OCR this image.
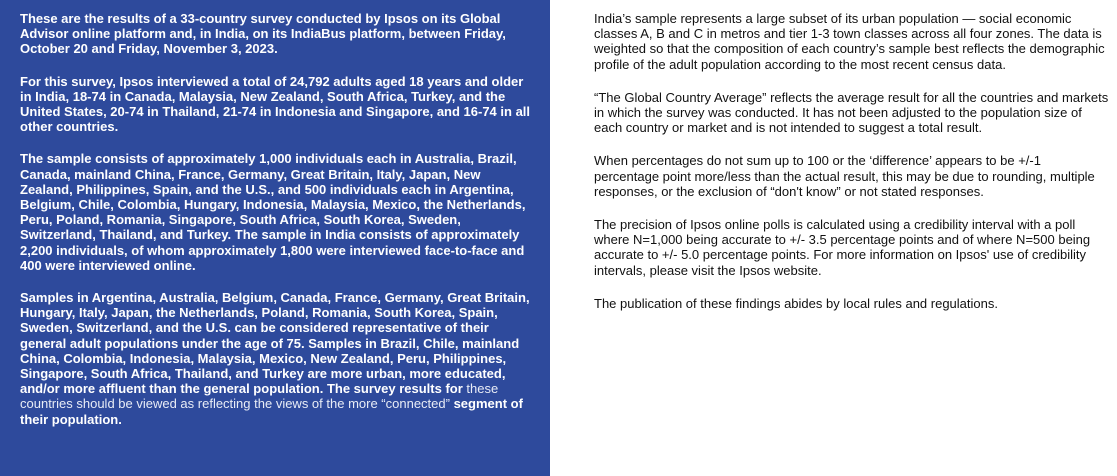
These are the results of a 33-country survey conducted by Ipsos on its Global Advisor online platform and, in India, on its IndiaBus platform, between Friday, October 20 and Friday, November 3, 2023.

For this survey, Ipsos interviewed a total of 24,792 adults aged 18 years and older in India, 18-74 in Canada, Malaysia, New Zealand, South Africa, Turkey, and the United States, 20-74 in Thailand, 21-74 in Indonesia and Singapore, and 16-74 in all other countries.

The sample consists of approximately 1,000 individuals each in Australia, Brazil, Canada, mainland China, France, Germany, Great Britain, Italy, Japan, New Zealand, Philippines, Spain, and the U.S., and 500 individuals each in Argentina, Belgium, Chile, Colombia, Hungary, Indonesia, Malaysia, Mexico, the Netherlands, Peru, Poland, Romania, Singapore, South Africa, South Korea, Sweden, Switzerland, Thailand, and Turkey. The sample in India consists of approximately 2,200 individuals, of whom approximately 1,800 were interviewed face-to-face and 400 were interviewed online.

Samples in Argentina, Australia, Belgium, Canada, France, Germany, Great Britain, Hungary, Italy, Japan, the Netherlands, Poland, Romania, South Korea, Spain, Sweden, Switzerland, and the U.S. can be considered representative of their general adult populations under the age of 75. Samples in Brazil, Chile, mainland China, Colombia, Indonesia, Malaysia, Mexico, New Zealand, Peru, Philippines, Singapore, South Africa, Thailand, and Turkey are more urban, more educated, and/or more affluent than the general population. The survey results for these countries should be viewed as reflecting the views of the more “connected” segment of their population.

India’s sample represents a large subset of its urban population — social economic classes A, B and C in metros and tier 1-3 town classes across all four zones. The data is weighted so that the composition of each country’s sample best reflects the demographic profile of the adult population according to the most recent census data.

“The Global Country Average” reflects the average result for all the countries and markets in which the survey was conducted. It has not been adjusted to the population size of each country or market and is not intended to suggest a total result.

When percentages do not sum up to 100 or the ‘difference’ appears to be +/-1 percentage point more/less than the actual result, this may be due to rounding, multiple responses, or the exclusion of “don't know” or not stated responses.

The precision of Ipsos online polls is calculated using a credibility interval with a poll where N=1,000 being accurate to +/- 3.5 percentage points and of where N=500 being accurate to +/- 5.0 percentage points. For more information on Ipsos' use of credibility intervals, please visit the Ipsos website.

The publication of these findings abides by local rules and regulations.
